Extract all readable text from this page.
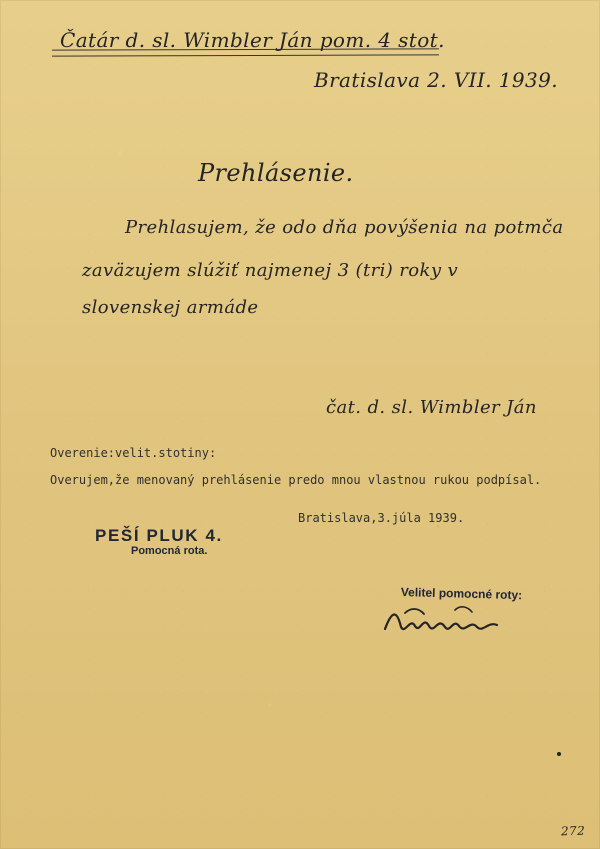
Čatár d. sl. Wimbler Ján pom. 4 stot.
Bratislava 2. VII. 1939.
Prehlásenie.
Prehlasujem, že odo dňa povýšenia na potmča
zaväzujem slúžiť najmenej 3 (tri) roky v
slovenskej armáde
čat. d. sl. Wimbler Ján
Overenie:velit.stotiny:
Overujem,že menovaný prehlásenie predo mnou vlastnou rukou podpísal.
Bratislava,3.júla 1939.
PEŠÍ PLUK 4.
Pomocná rota.
Velitel pomocné roty:
272
